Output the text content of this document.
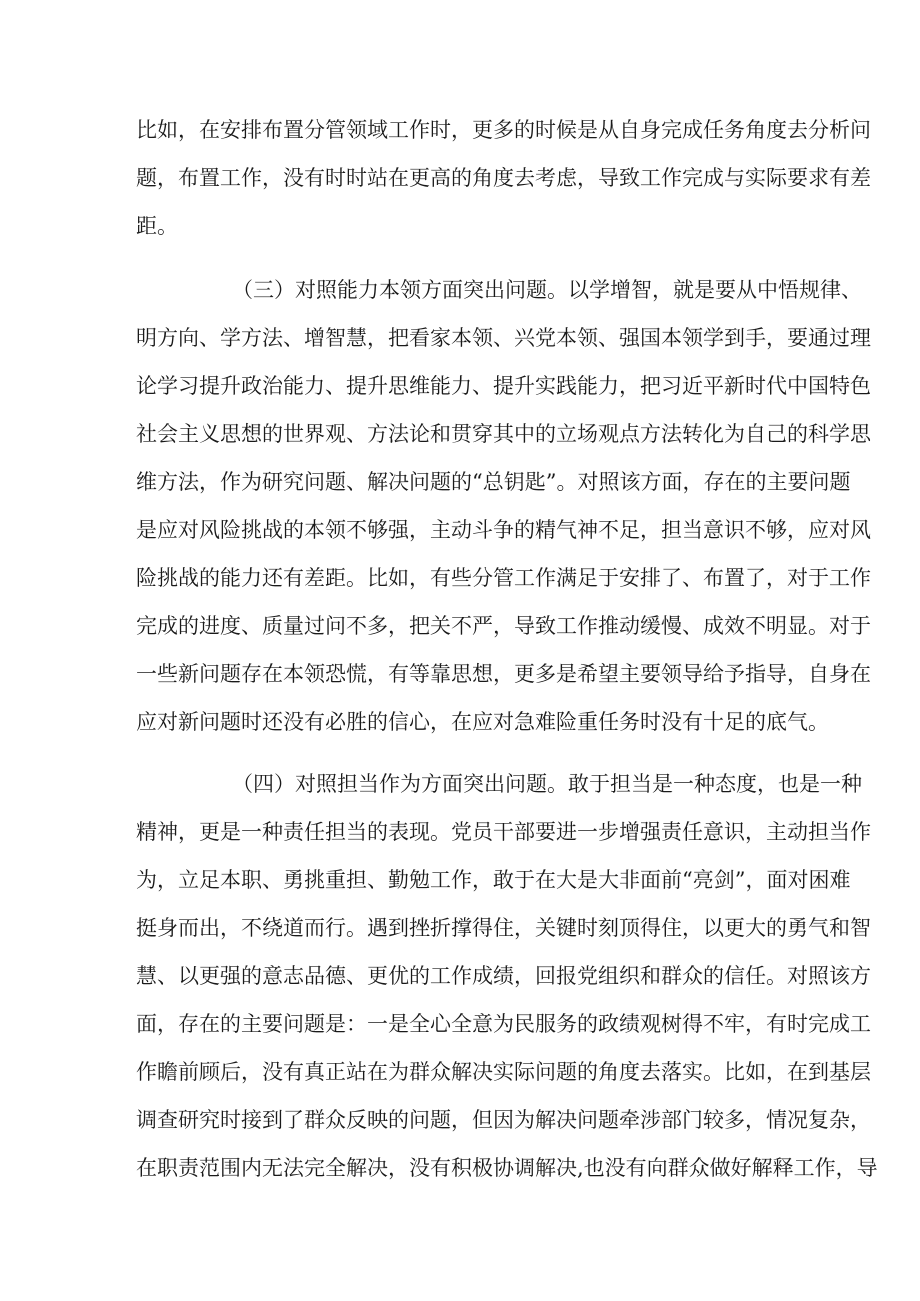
比如，在安排布置分管领域工作时，更多的时候是从自身完成任务角度去分析问
题，布置工作，没有时时站在更高的角度去考虑，导致工作完成与实际要求有差
距。
（三）对照能力本领方面突出问题。以学增智，就是要从中悟规律、
明方向、学方法、增智慧，把看家本领、兴党本领、强国本领学到手，要通过理
论学习提升政治能力、提升思维能力、提升实践能力，把习近平新时代中国特色
社会主义思想的世界观、方法论和贯穿其中的立场观点方法转化为自己的科学思
维方法，作为研究问题、解决问题的“总钥匙”。对照该方面，存在的主要问题
是应对风险挑战的本领不够强，主动斗争的精气神不足，担当意识不够，应对风
险挑战的能力还有差距。比如，有些分管工作满足于安排了、布置了，对于工作
完成的进度、质量过问不多，把关不严，导致工作推动缓慢、成效不明显。对于
一些新问题存在本领恐慌，有等靠思想，更多是希望主要领导给予指导，自身在
应对新问题时还没有必胜的信心，在应对急难险重任务时没有十足的底气。
（四）对照担当作为方面突出问题。敢于担当是一种态度，也是一种
精神，更是一种责任担当的表现。党员干部要进一步增强责任意识，主动担当作
为，立足本职、勇挑重担、勤勉工作，敢于在大是大非面前“亮剑”，面对困难
挺身而出，不绕道而行。遇到挫折撑得住，关键时刻顶得住，以更大的勇气和智
慧、以更强的意志品德、更优的工作成绩，回报党组织和群众的信任。对照该方
面，存在的主要问题是：一是全心全意为民服务的政绩观树得不牢，有时完成工
作瞻前顾后，没有真正站在为群众解决实际问题的角度去落实。比如，在到基层
调查研究时接到了群众反映的问题，但因为解决问题牵涉部门较多，情况复杂，
在职责范围内无法完全解决，没有积极协调解决,也没有向群众做好解释工作，导
